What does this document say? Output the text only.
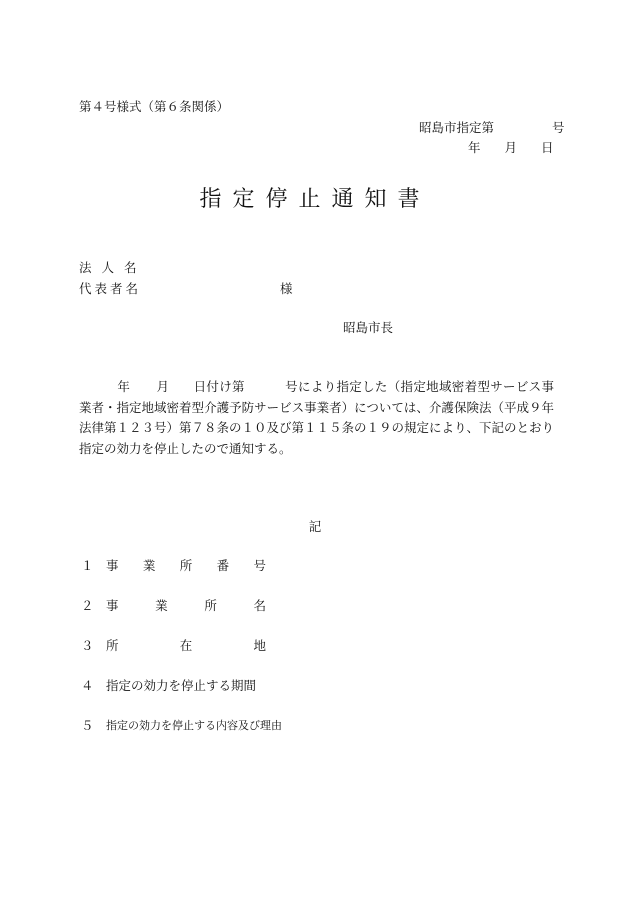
第４号様式（第６条関係）
昭島市指定第	号
年 月 日
指定停止通知書
法人名
代表者名	様
昭島市長
年 月 日付け第	号により指定した（指定地域密着型サービス事業者・指定地域密着型介護予防サービス事業者）については、介護保険法（平成９年法律第１２３号）第７８条の１０及び第１１５条の１９の規定により、下記のとおり指定の効力を停止したので通知する。
記
１ 事 業 所 番 号
２ 事	業	所	名
３ 所	在	地
４ 指定の効力を停止する期間
５ 指定の効力を停止する内容及び理由
